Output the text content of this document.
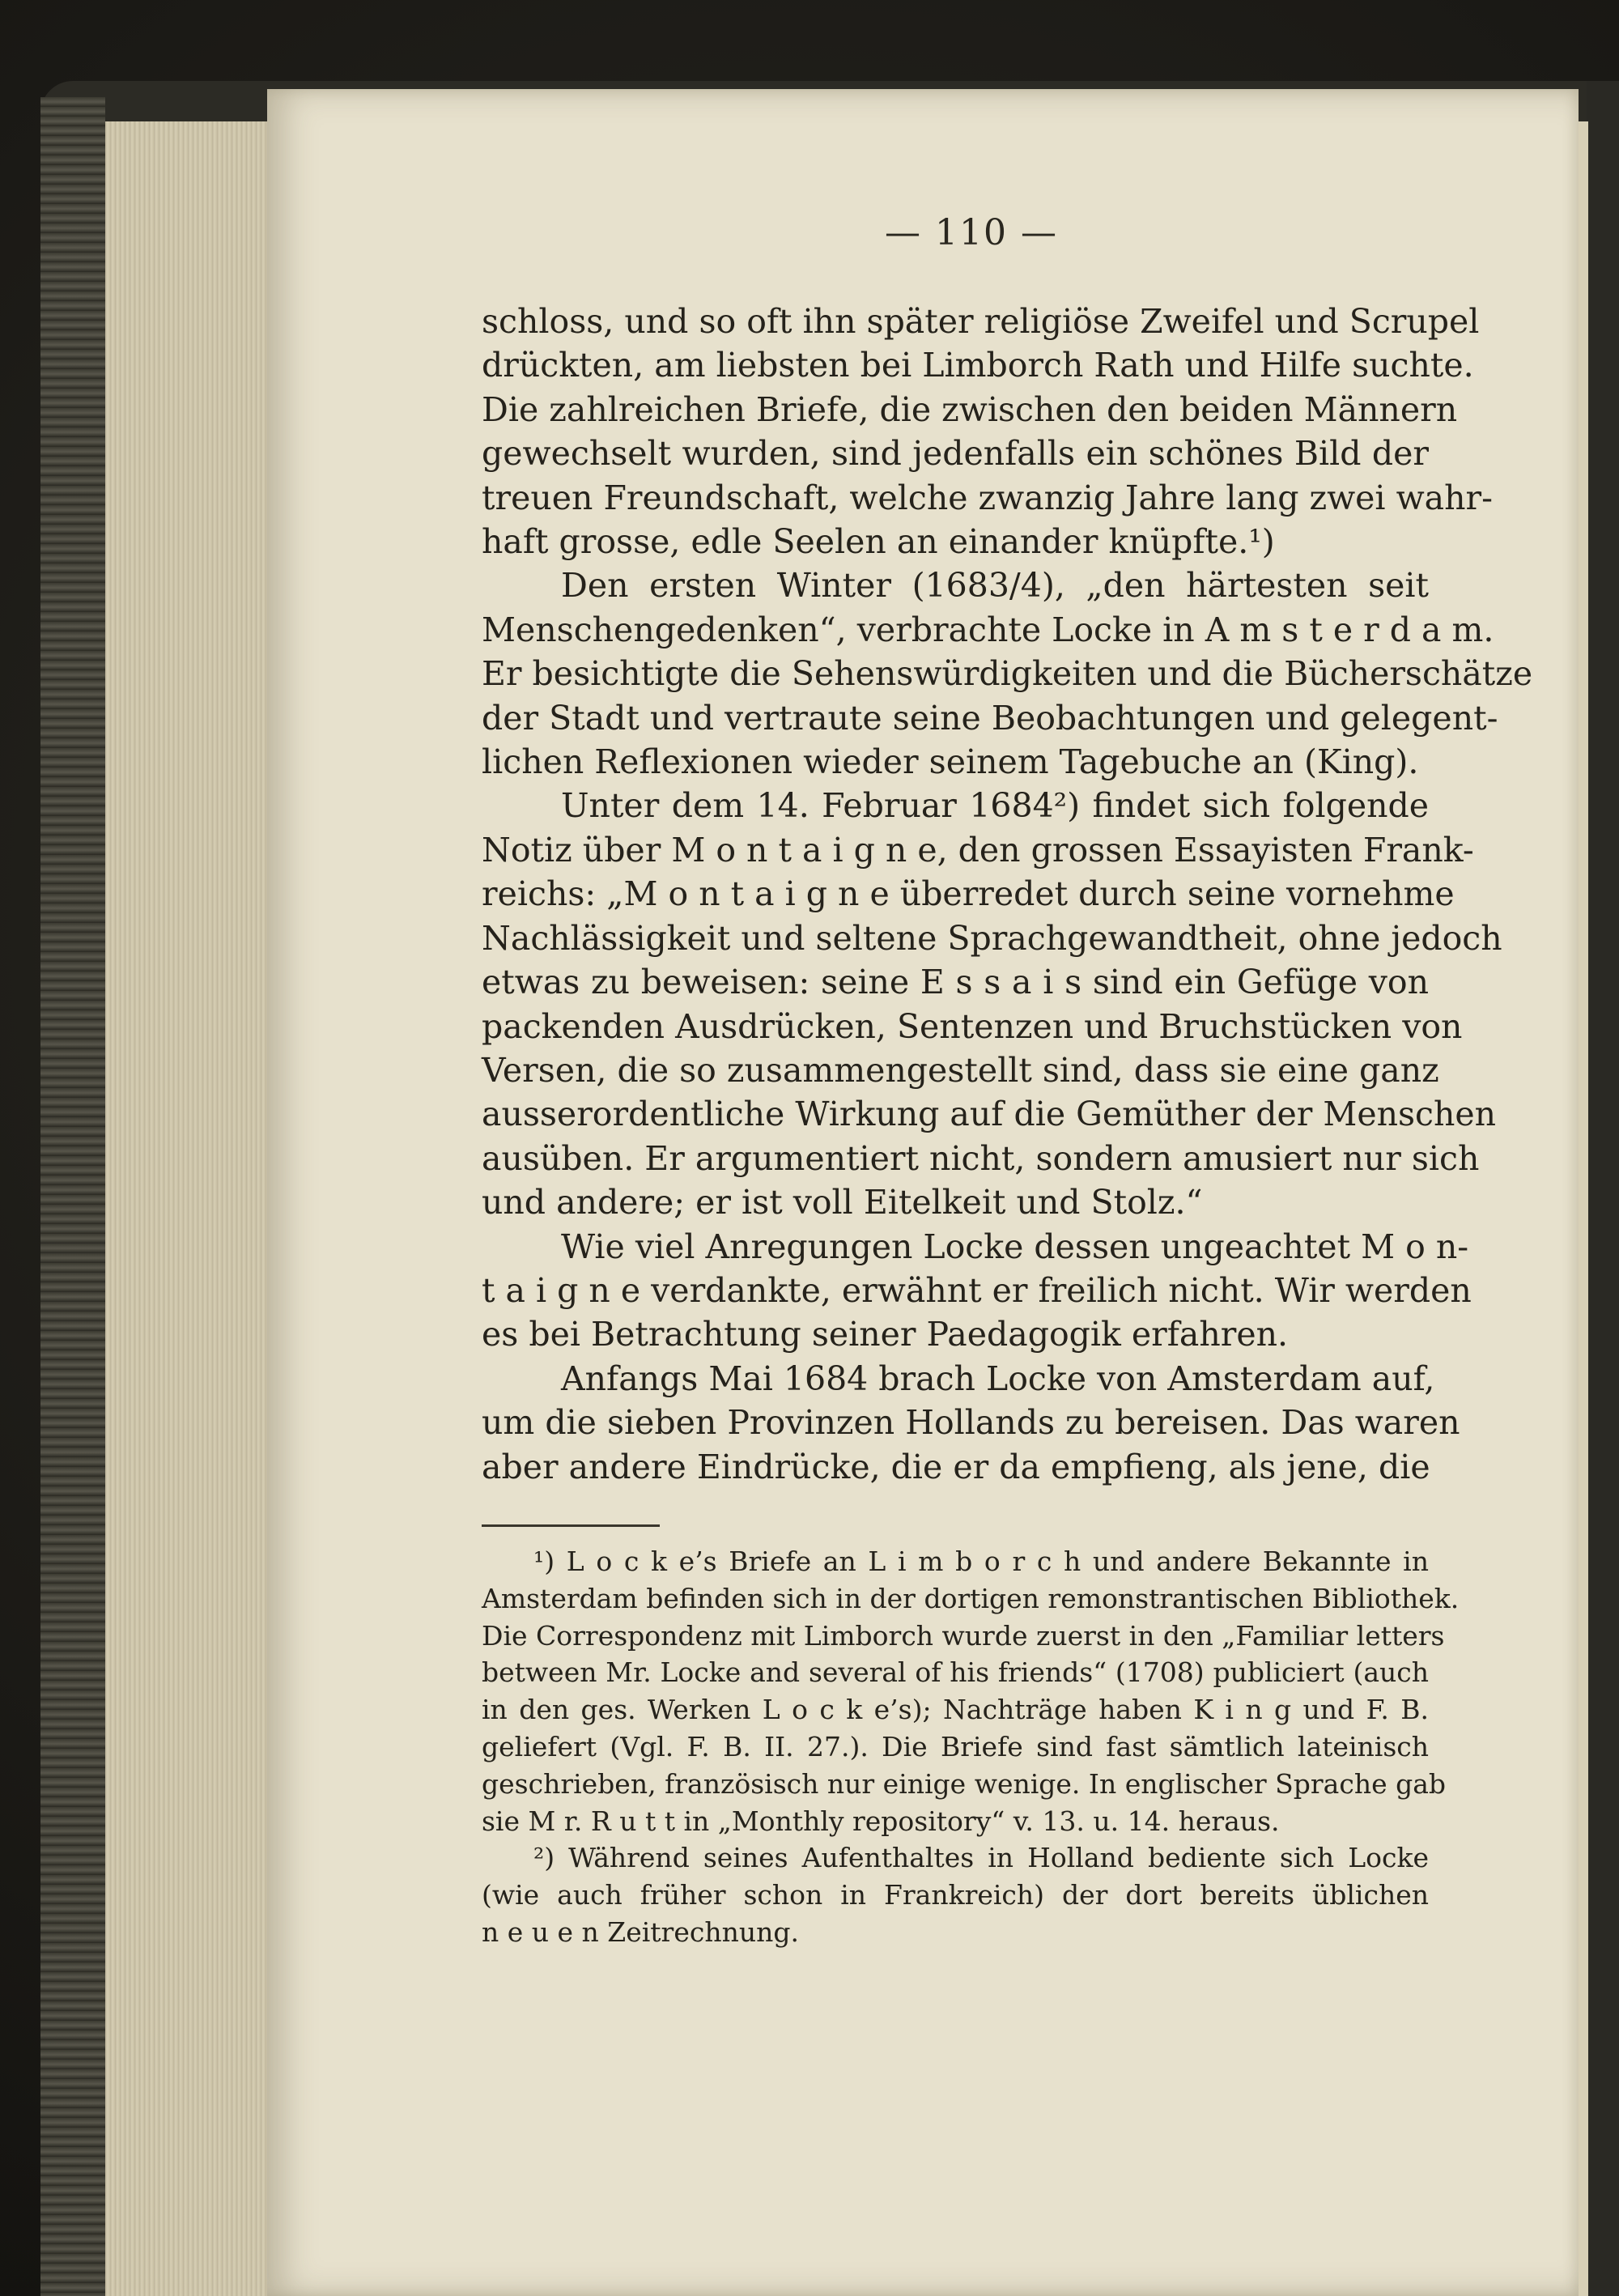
— 110 —
schloss, und so oft ihn später religiöse Zweifel und Scrupel
drückten, am liebsten bei Limborch Rath und Hilfe suchte.
Die zahlreichen Briefe, die zwischen den beiden Männern
gewechselt wurden, sind jedenfalls ein schönes Bild der
treuen Freundschaft, welche zwanzig Jahre lang zwei wahr-
haft grosse, edle Seelen an einander knüpfte.¹)
Den ersten Winter (1683/4), „den härtesten seit
Menschengedenken“, verbrachte Locke in A m s t e r d a m.
Er besichtigte die Sehenswürdigkeiten und die Bücherschätze
der Stadt und vertraute seine Beobachtungen und gelegent-
lichen Reflexionen wieder seinem Tagebuche an (King).
Unter dem 14. Februar 1684²) findet sich folgende
Notiz über M o n t a i g n e, den grossen Essayisten Frank-
reichs: „M o n t a i g n e überredet durch seine vornehme
Nachlässigkeit und seltene Sprachgewandtheit, ohne jedoch
etwas zu beweisen: seine E s s a i s sind ein Gefüge von
packenden Ausdrücken, Sentenzen und Bruchstücken von
Versen, die so zusammengestellt sind, dass sie eine ganz
ausserordentliche Wirkung auf die Gemüther der Menschen
ausüben. Er argumentiert nicht, sondern amusiert nur sich
und andere; er ist voll Eitelkeit und Stolz.“
Wie viel Anregungen Locke dessen ungeachtet M o n-
t a i g n e verdankte, erwähnt er freilich nicht. Wir werden
es bei Betrachtung seiner Paedagogik erfahren.
Anfangs Mai 1684 brach Locke von Amsterdam auf,
um die sieben Provinzen Hollands zu bereisen. Das waren
aber andere Eindrücke, die er da empfieng, als jene, die
¹) L o c k e’s Briefe an L i m b o r c h und andere Bekannte in
Amsterdam befinden sich in der dortigen remonstrantischen Bibliothek.
Die Correspondenz mit Limborch wurde zuerst in den „Familiar letters
between Mr. Locke and several of his friends“ (1708) publiciert (auch
in den ges. Werken L o c k e’s); Nachträge haben K i n g und F. B.
geliefert (Vgl. F. B. II. 27.). Die Briefe sind fast sämtlich lateinisch
geschrieben, französisch nur einige wenige. In englischer Sprache gab
sie M r. R u t t in „Monthly repository“ v. 13. u. 14. heraus.
²) Während seines Aufenthaltes in Holland bediente sich Locke
(wie auch früher schon in Frankreich) der dort bereits üblichen
n e u e n Zeitrechnung.
